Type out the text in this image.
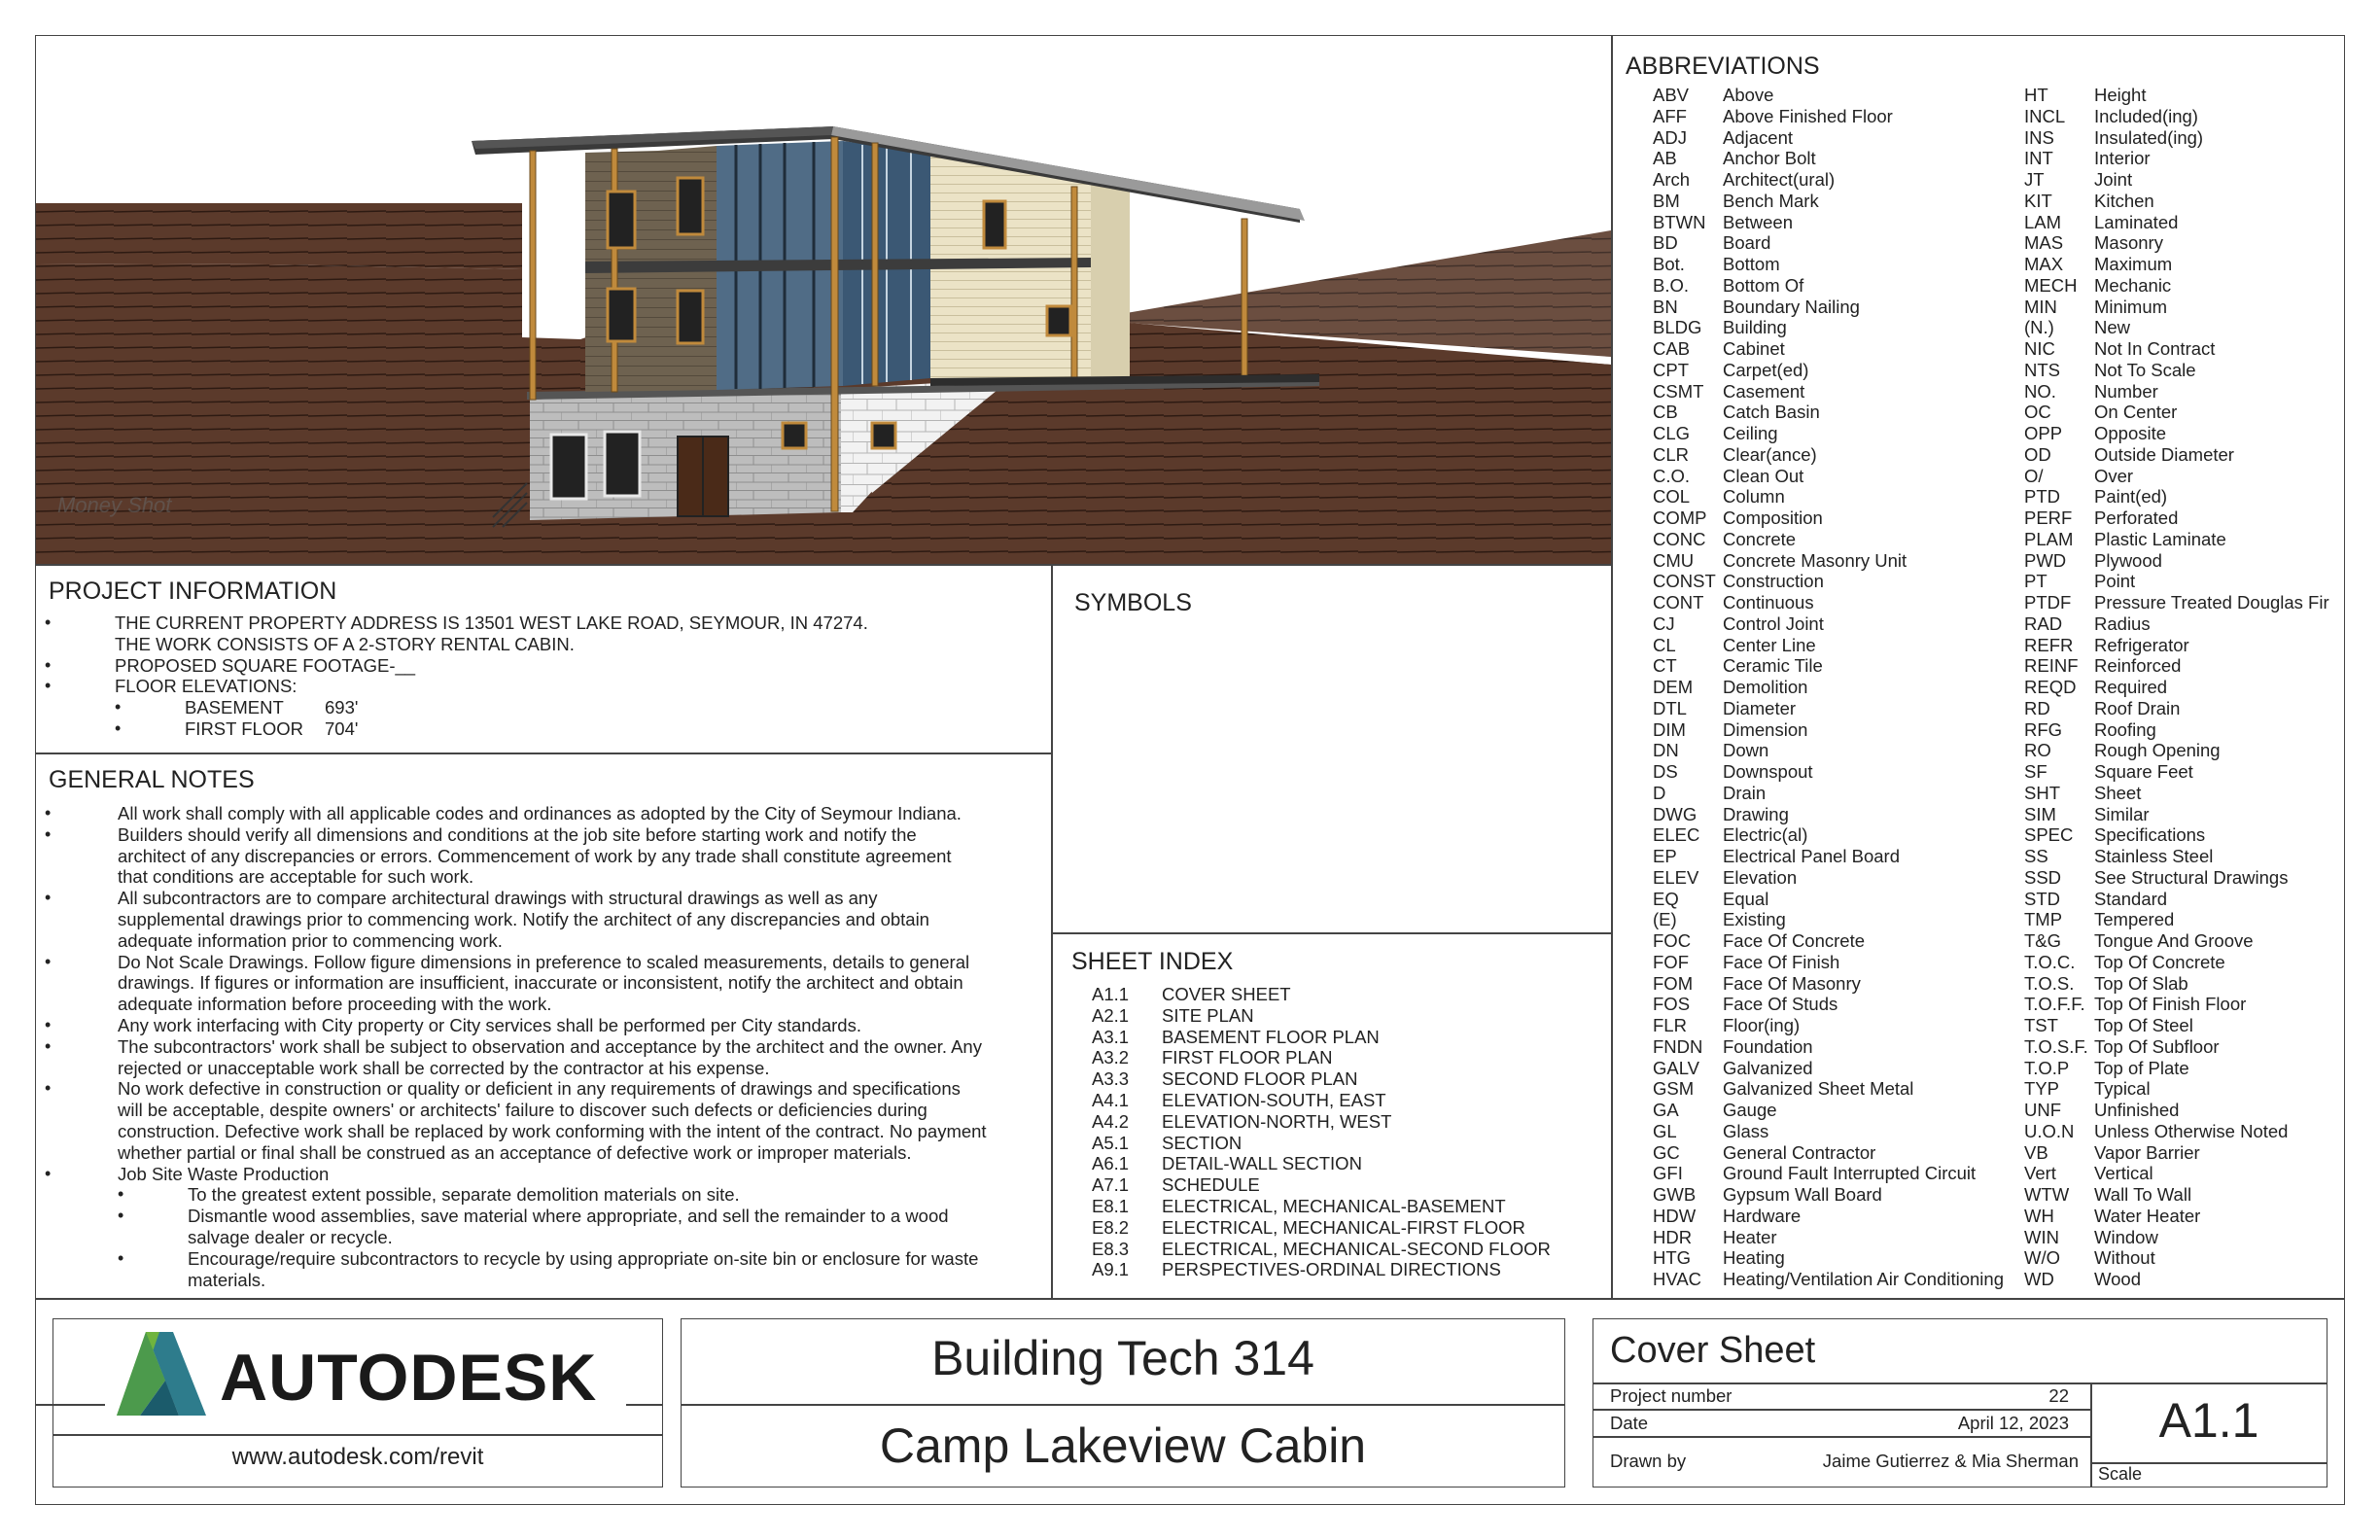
Money Shot
PROJECT INFORMATION
•	THE CURRENT PROPERTY ADDRESS IS 13501 WEST LAKE ROAD, SEYMOUR, IN 47274.
THE WORK CONSISTS OF A 2-STORY RENTAL CABIN.
•	PROPOSED SQUARE FOOTAGE-__
•	FLOOR ELEVATIONS:
•	BASEMENT 693'
•	FIRST FLOOR 704'
GENERAL NOTES
•	All work shall comply with all applicable codes and ordinances as adopted by the City of Seymour Indiana.
•	Builders should verify all dimensions and conditions at the job site before starting work and notify the
architect of any discrepancies or errors. Commencement of work by any trade shall constitute agreement
that conditions are acceptable for such work.
•	All subcontractors are to compare architectural drawings with structural drawings as well as any
supplemental drawings prior to commencing work. Notify the architect of any discrepancies and obtain
adequate information prior to commencing work.
•	Do Not Scale Drawings. Follow figure dimensions in preference to scaled measurements, details to general
drawings. If figures or information are insufficient, inaccurate or inconsistent, notify the architect and obtain
adequate information before proceeding with the work.
•	Any work interfacing with City property or City services shall be performed per City standards.
•	The subcontractors' work shall be subject to observation and acceptance by the architect and the owner. Any
rejected or unacceptable work shall be corrected by the contractor at his expense.
•	No work defective in construction or quality or deficient in any requirements of drawings and specifications
will be acceptable, despite owners' or architects' failure to discover such defects or deficiencies during
construction. Defective work shall be replaced by work conforming with the intent of the contract. No payment
whether partial or final shall be construed as an acceptance of defective work or improper materials.
•	Job Site Waste Production
•	To the greatest extent possible, separate demolition materials on site.
•	Dismantle wood assemblies, save material where appropriate, and sell the remainder to a wood
salvage dealer or recycle.
•	Encourage/require subcontractors to recycle by using appropriate on-site bin or enclosure for waste
materials.
SYMBOLS
SHEET INDEX
A1.1 COVER SHEET
A2.1 SITE PLAN
A3.1 BASEMENT FLOOR PLAN
A3.2 FIRST FLOOR PLAN
A3.3 SECOND FLOOR PLAN
A4.1 ELEVATION-SOUTH, EAST
A4.2 ELEVATION-NORTH, WEST
A5.1 SECTION
A6.1 DETAIL-WALL SECTION
A7.1 SCHEDULE
E8.1 ELECTRICAL, MECHANICAL-BASEMENT
E8.2 ELECTRICAL, MECHANICAL-FIRST FLOOR
E8.3 ELECTRICAL, MECHANICAL-SECOND FLOOR
A9.1 PERSPECTIVES-ORDINAL DIRECTIONS
ABBREVIATIONS
ABV Above
AFF Above Finished Floor
ADJ Adjacent
AB	Anchor Bolt
Arch Architect(ural)
BM Bench Mark
BTWN Between
BD	Board
Bot. Bottom
B.O. Bottom Of
BN	Boundary Nailing
BLDG Building
CAB Cabinet
CPT Carpet(ed)
CSMT Casement
CB	Catch Basin
CLG Ceiling
CLR Clear(ance)
C.O. Clean Out
COL Column
COMP Composition
CONC Concrete
CMU Concrete Masonry Unit
CONST Construction
CONT Continuous
CJ	Control Joint
CL	Center Line
CT	Ceramic Tile
DEM Demolition
DTL Diameter
DIM Dimension
DN Down
DS	Downspout
D	Drain
DWG Drawing
ELEC Electric(al)
EP	Electrical Panel Board
ELEV Elevation
EQ Equal
(E)	Existing
FOC Face Of Concrete
FOF Face Of Finish
FOM Face Of Masonry
FOS Face Of Studs
FLR Floor(ing)
FNDN Foundation
GALV Galvanized
GSM Galvanized Sheet Metal
GA Gauge
GL	Glass
GC General Contractor
GFI Ground Fault Interrupted Circuit
GWB Gypsum Wall Board
HDW Hardware
HDR Heater
HTG Heating
HVAC Heating/Ventilation Air Conditioning
HT	Height
INCL Included(ing)
INS Insulated(ing)
INT Interior
JT	Joint
KIT Kitchen
LAM Laminated
MAS Masonry
MAX Maximum
MECH Mechanic
MIN Minimum
(N.) New
NIC Not In Contract
NTS Not To Scale
NO. Number
OC On Center
OPP Opposite
OD Outside Diameter
O/	Over
PTD Paint(ed)
PERF Perforated
PLAM Plastic Laminate
PWD Plywood
PT	Point
PTDF Pressure Treated Douglas Fir
RAD Radius
REFR Refrigerator
REINF Reinforced
REQD Required
RD Roof Drain
RFG Roofing
RO Rough Opening
SF	Square Feet
SHT Sheet
SIM Similar
SPEC Specifications
SS	Stainless Steel
SSD See Structural Drawings
STD Standard
TMP Tempered
T&G Tongue And Groove
T.O.C. Top Of Concrete
T.O.S. Top Of Slab
T.O.F.F. Top Of Finish Floor
TST Top Of Steel
T.O.S.F. Top Of Subfloor
T.O.P Top of Plate
TYP Typical
UNF Unfinished
U.O.N Unless Otherwise Noted
VB	Vapor Barrier
Vert Vertical
WTW Wall To Wall
WH Water Heater
WIN Window
W/O Without
WD Wood
AUTODESK
www.autodesk.com/revit
Building Tech 314
Camp Lakeview Cabin
Cover Sheet
Project number	22
Date	April 12, 2023
Drawn by	Jaime Gutierrez & Mia Sherman
A1.1
Scale
